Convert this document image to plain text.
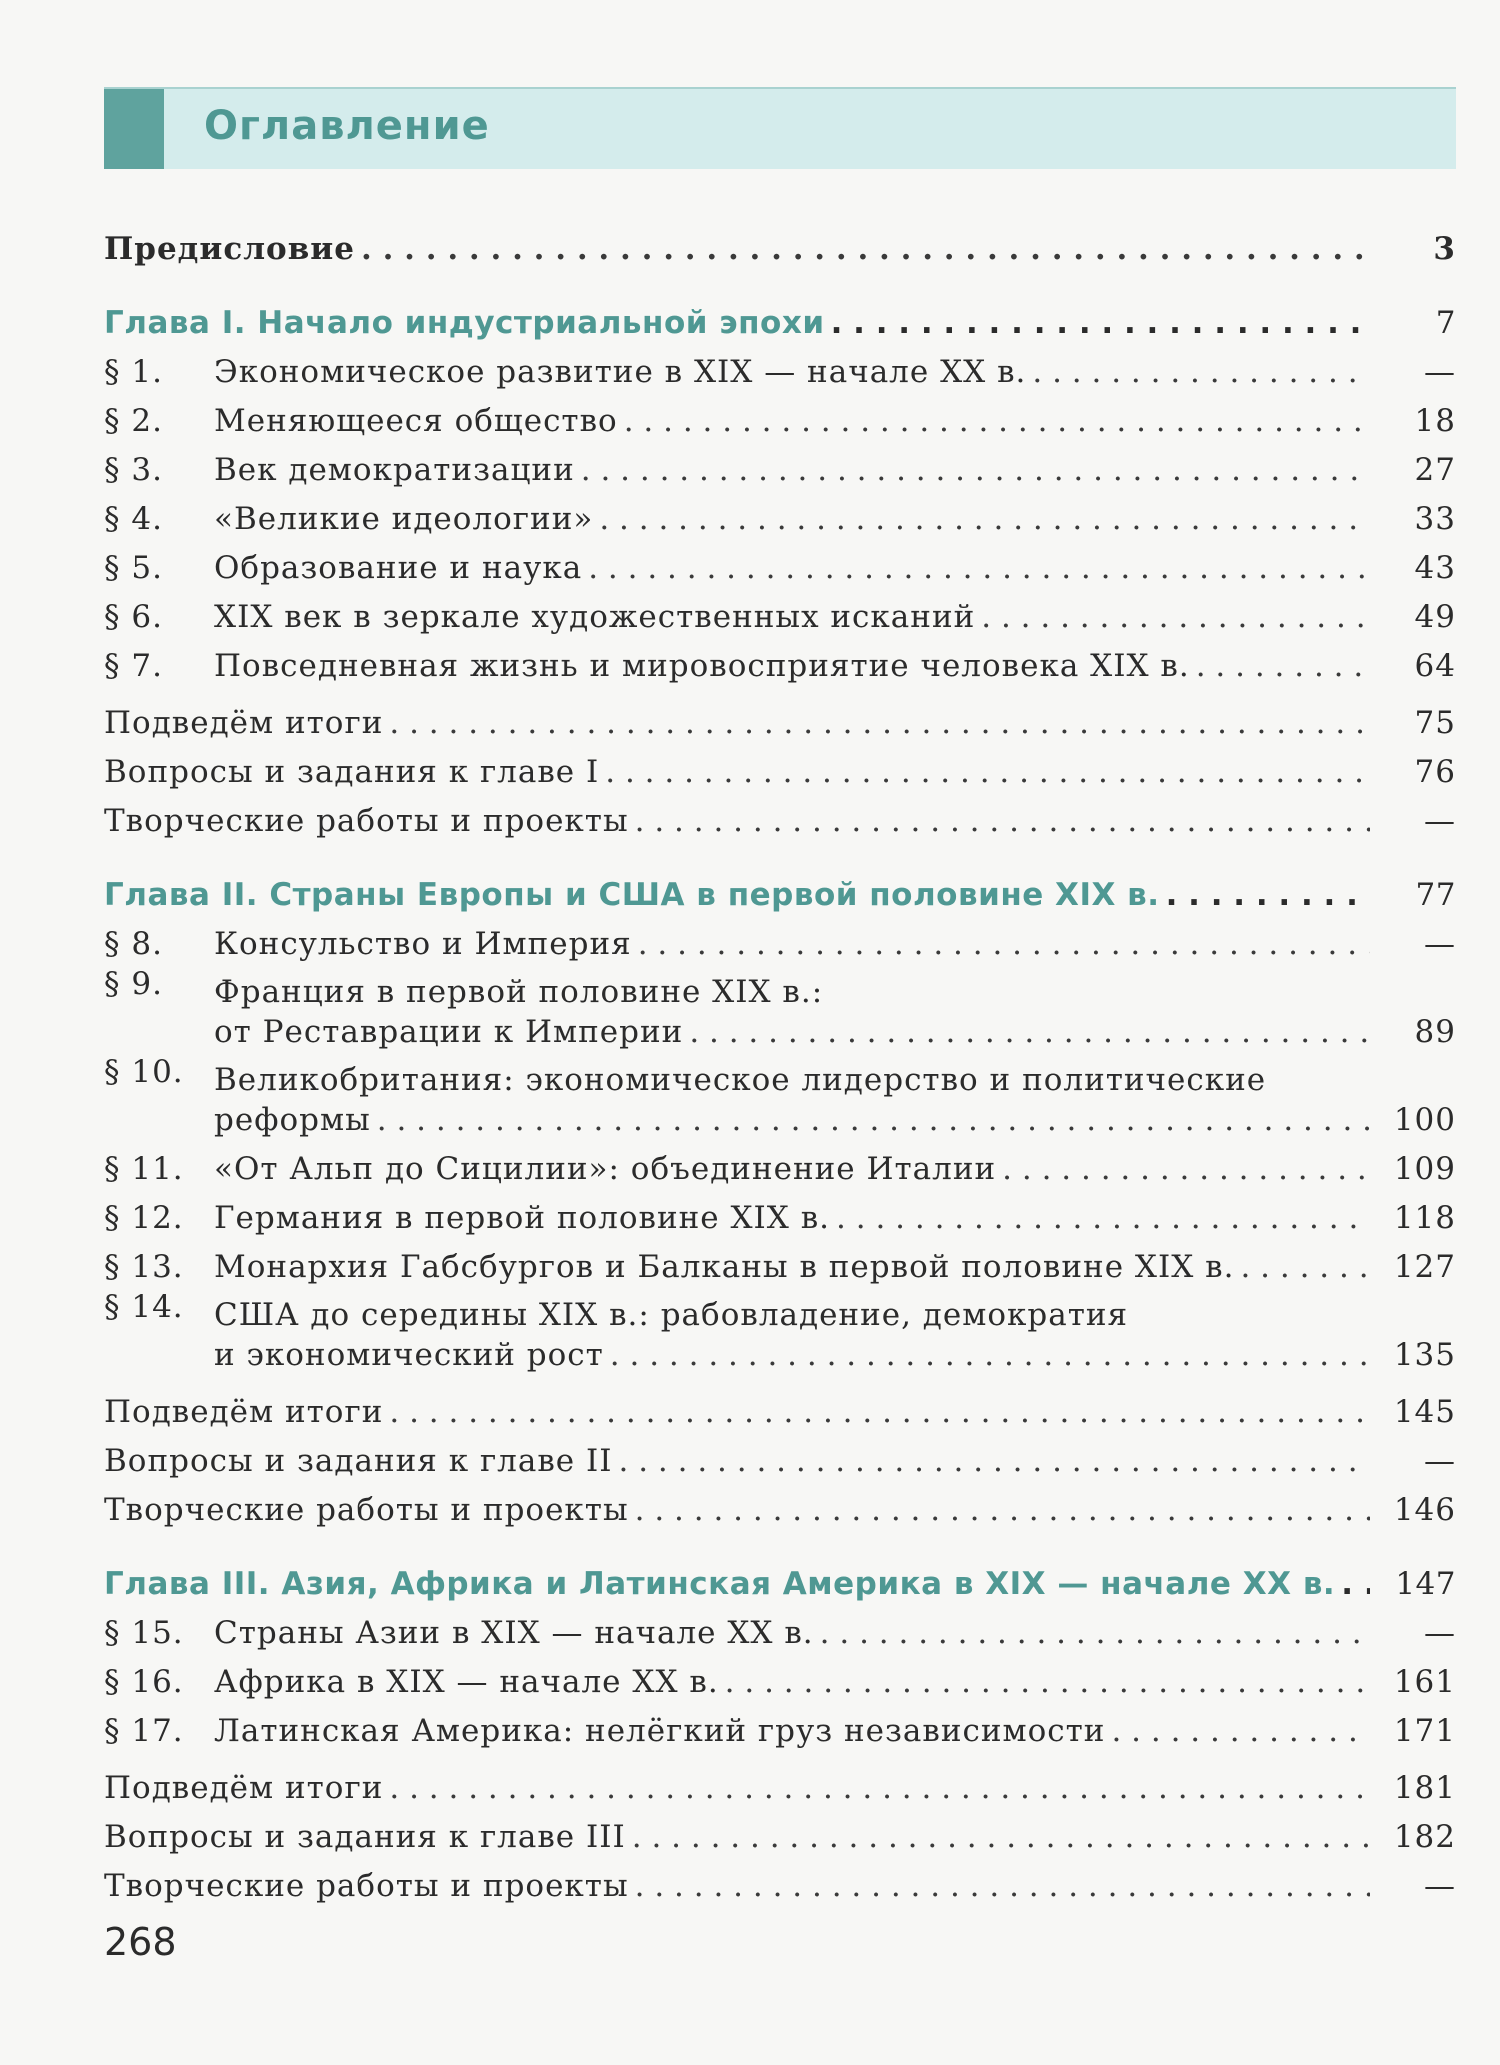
Оглавление
Предисловие . . .	3
Глава I. Начало индустриальной эпохи . . .	7
§ 1.	Экономическое развитие в XIX — начале XX в. . . .	—
§ 2.	Меняющееся общество . . .	18
§ 3.	Век демократизации . . .	27
§ 4.	«Великие идеологии» . . .	33
§ 5.	Образование и наука . . .	43
§ 6.	XIX век в зеркале художественных исканий . . .	49
§ 7.	Повседневная жизнь и мировосприятие человека XIX в. . . .	64
Подведём итоги . . .	75
Вопросы и задания к главе I . . .	76
Творческие работы и проекты . . .	—
Глава II. Страны Европы и США в первой половине XIX в. . . .	77
§ 8.	Консульство и Империя . . .	—
§ 9.	Франция в первой половине XIX в.:
от Реставрации к Империи . . .	89
§ 10. Великобритания: экономическое лидерство и политические
реформы . . .	100
§ 11. «От Альп до Сицилии»: объединение Италии . . .	109
§ 12. Германия в первой половине XIX в. . . .	118
§ 13. Монархия Габсбургов и Балканы в первой половине XIX в. . . .	127
§ 14. США до середины XIX в.: рабовладение, демократия
и экономический рост . . .	135
Подведём итоги . . .	145
Вопросы и задания к главе II . . .	—
Творческие работы и проекты . . .	146
Глава III. Азия, Африка и Латинская Америка в XIX — начале XX в. . . .	147
§ 15. Страны Азии в XIX — начале XX в. . . .	—
§ 16. Африка в XIX — начале XX в. . . .	161
§ 17. Латинская Америка: нелёгкий груз независимости . . .	171
Подведём итоги . . .	181
Вопросы и задания к главе III . . .	182
Творческие работы и проекты . . .	—
268
